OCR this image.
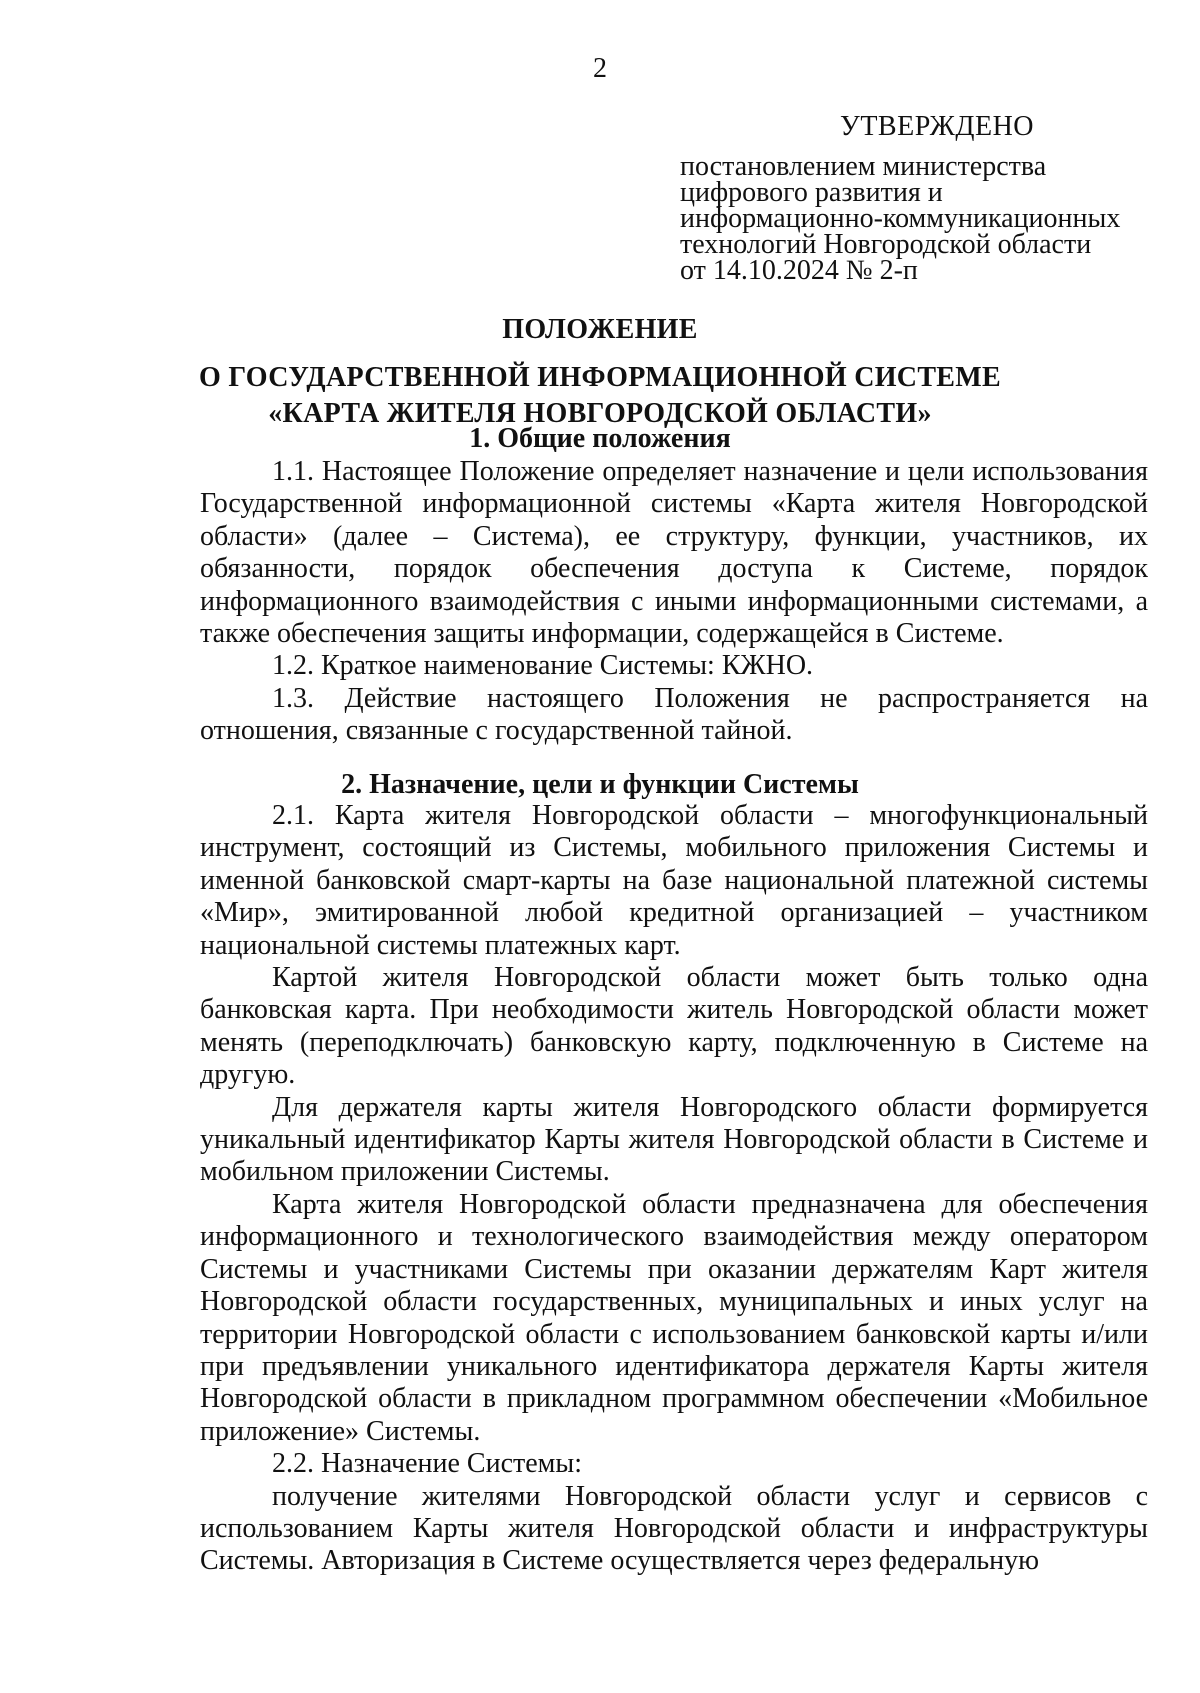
2
УТВЕРЖДЕНО
постановлением министерства
цифрового развития и
информационно-коммуникационных
технологий Новгородской области
от 14.10.2024 № 2-п
ПОЛОЖЕНИЕ
О ГОСУДАРСТВЕННОЙ ИНФОРМАЦИОННОЙ СИСТЕМЕ
«КАРТА ЖИТЕЛЯ НОВГОРОДСКОЙ ОБЛАСТИ»
1. Общие положения

1.1. Настоящее Положение определяет назначение и цели использования Государственной информационной системы «Карта жителя Новгородской области» (далее – Система), ее структуру, функции, участников, их обязанности, порядок обеспечения доступа к Системе, порядок информационного взаимодействия с иными информационными системами, а также обеспечения защиты информации, содержащейся в Системе.

1.2. Краткое наименование Системы: КЖНО.

1.3. Действие настоящего Положения не распространяется на отношения, связанные с государственной тайной.

2. Назначение, цели и функции Системы

2.1. Карта жителя Новгородской области – многофункциональный инструмент, состоящий из Системы, мобильного приложения Системы и именной банковской смарт-карты на базе национальной платежной системы «Мир», эмитированной любой кредитной организацией – участником национальной системы платежных карт.

Картой жителя Новгородской области может быть только одна банковская карта. При необходимости житель Новгородской области может менять (переподключать) банковскую карту, подключенную в Системе на другую.

Для держателя карты жителя Новгородского области формируется уникальный идентификатор Карты жителя Новгородской области в Системе и мобильном приложении Системы.

Карта жителя Новгородской области предназначена для обеспечения информационного и технологического взаимодействия между оператором Системы и участниками Системы при оказании держателям Карт жителя Новгородской области государственных, муниципальных и иных услуг на территории Новгородской области с использованием банковской карты и/или при предъявлении уникального идентификатора держателя Карты жителя Новгородской области в прикладном программном обеспечении «Мобильное приложение» Системы.

2.2. Назначение Системы:

получение жителями Новгородской области услуг и сервисов с использованием Карты жителя Новгородской области и инфраструктуры Системы. Авторизация в Системе осуществляется через федеральную
